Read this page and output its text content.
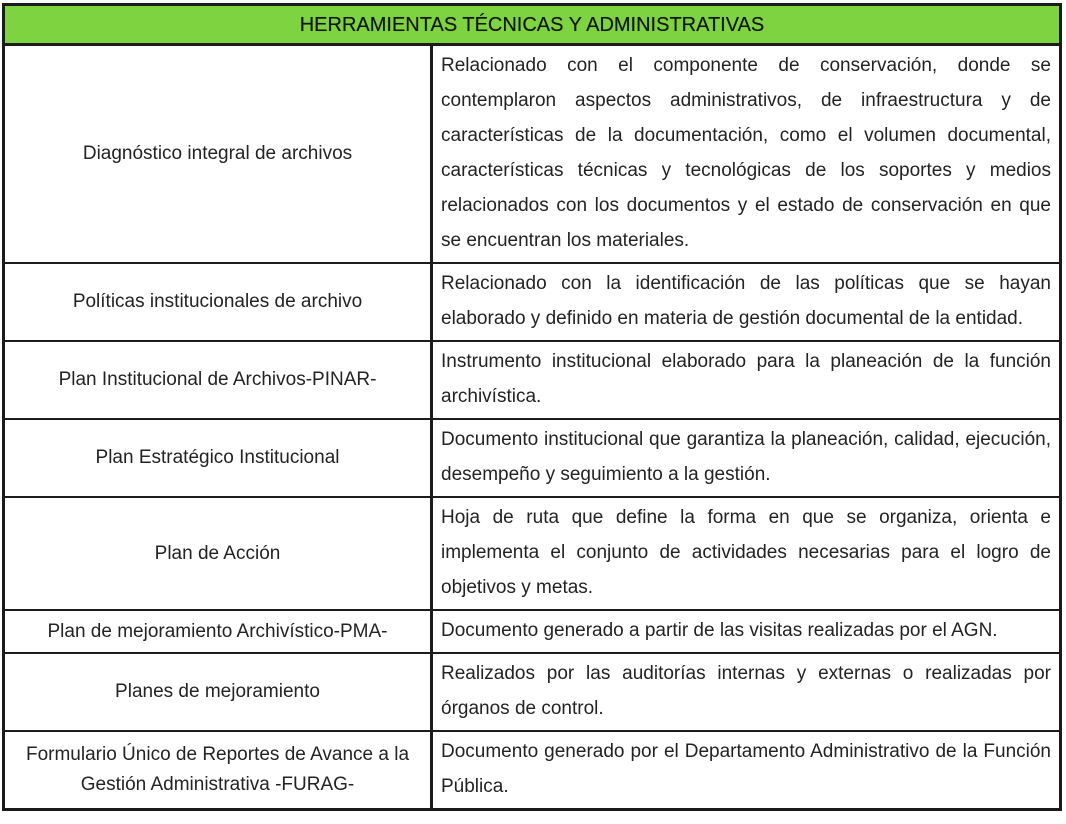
HERRAMIENTAS TÉCNICAS Y ADMINISTRATIVAS
Diagnóstico integral de archivos
Relacionado con el componente de conservación, donde se contemplaron aspectos administrativos, de infraestructura y de características de la documentación, como el volumen documental, características técnicas y tecnológicas de los soportes y medios relacionados con los documentos y el estado de conservación en que se encuentran los materiales.
Políticas institucionales de archivo
Relacionado con la identificación de las políticas que se hayan elaborado y definido en materia de gestión documental de la entidad.
Plan Institucional de Archivos-PINAR-
Instrumento institucional elaborado para la planeación de la función archivística.
Plan Estratégico Institucional
Documento institucional que garantiza la planeación, calidad, ejecución, desempeño y seguimiento a la gestión.
Plan de Acción
Hoja de ruta que define la forma en que se organiza, orienta e implementa el conjunto de actividades necesarias para el logro de objetivos y metas.
Plan de mejoramiento Archivístico-PMA-	Documento generado a partir de las visitas realizadas por el AGN.
Planes de mejoramiento
Realizados por las auditorías internas y externas o realizadas por órganos de control.
Formulario Único de Reportes de Avance a la Gestión Administrativa -FURAG-
Documento generado por el Departamento Administrativo de la Función Pública.
